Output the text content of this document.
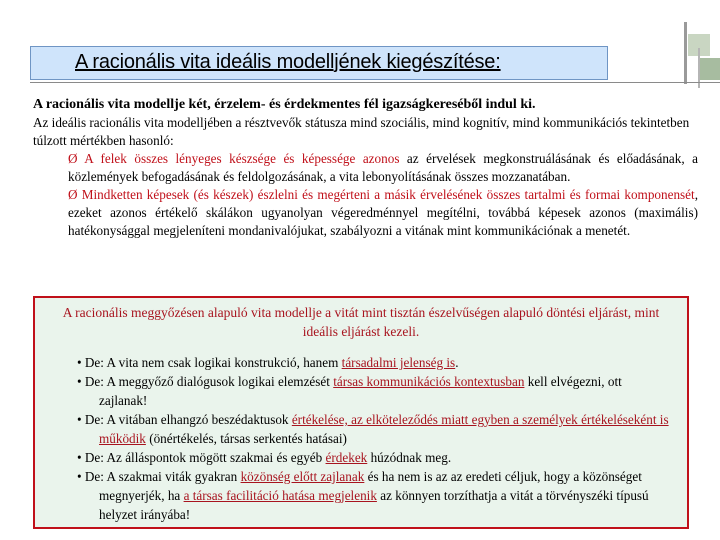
A racionális vita ideális modelljének kiegészítése:

A racionális vita modellje két, érzelem- és érdekmentes fél igazságkereséből indul ki.

Az ideális racionális vita modelljében a résztvevők státusza mind szociális, mind kognitív, mind kommunikációs tekintetben túlzott mértékben hasonló:

Ø A felek összes lényeges készsége és képessége azonos az érvelések megkonstruálásának és előadásának, a közlemények befogadásának és feldolgozásának, a vita lebonyolításának összes mozzanatában.

Ø Mindketten képesek (és készek) észlelni és megérteni a másik érvelésének összes tartalmi és formai komponensét, ezeket azonos értékelő skálákon ugyanolyan végeredménnyel megítélni, továbbá képesek azonos (maximális) hatékonysággal megjeleníteni mondanivalójukat, szabályozni a vitának mint kommunikációnak a menetét.

A racionális meggyőzésen alapuló vita modellje a vitát mint tisztán észelvűségen alapuló döntési eljárást, mint ideális eljárást kezeli.

• De: A vita nem csak logikai konstrukció, hanem társadalmi jelenség is.
• De: A meggyőző dialógusok logikai elemzését társas kommunikációs kontextusban kell elvégezni, ott zajlanak!
• De: A vitában elhangzó beszédaktusok értékelése, az elköteleződés miatt egyben a személyek értékeléseként is működik (önértékelés, társas serkentés hatásai)
• De: Az álláspontok mögött szakmai és egyéb érdekek húzódnak meg.
• De: A szakmai viták gyakran közönség előtt zajlanak és ha nem is az az eredeti céljuk, hogy a közönséget megnyerjék, ha a társas facilitáció hatása megjelenik az könnyen torzíthatja a vitát a törvényszéki típusú helyzet irányába!
